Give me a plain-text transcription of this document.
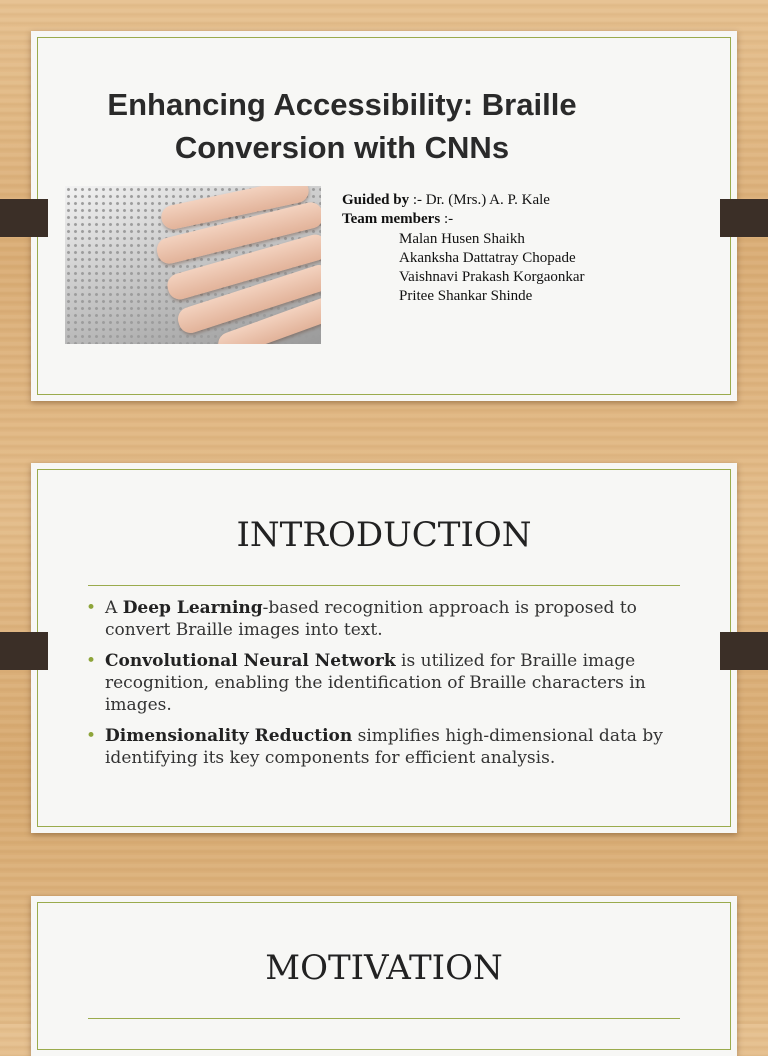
Enhancing Accessibility: Braille
Conversion with CNNs
Guided by :- Dr. (Mrs.) A. P. Kale
Team members :-
Malan Husen Shaikh
Akanksha Dattatray Chopade
Vaishnavi Prakash Korgaonkar
Pritee Shankar Shinde
INTRODUCTION
• A Deep Learning-based recognition approach is proposed to convert Braille images into text.
• Convolutional Neural Network is utilized for Braille image recognition, enabling the identification of Braille characters in images.
• Dimensionality Reduction simplifies high-dimensional data by identifying its key components for efficient analysis.
MOTIVATION
